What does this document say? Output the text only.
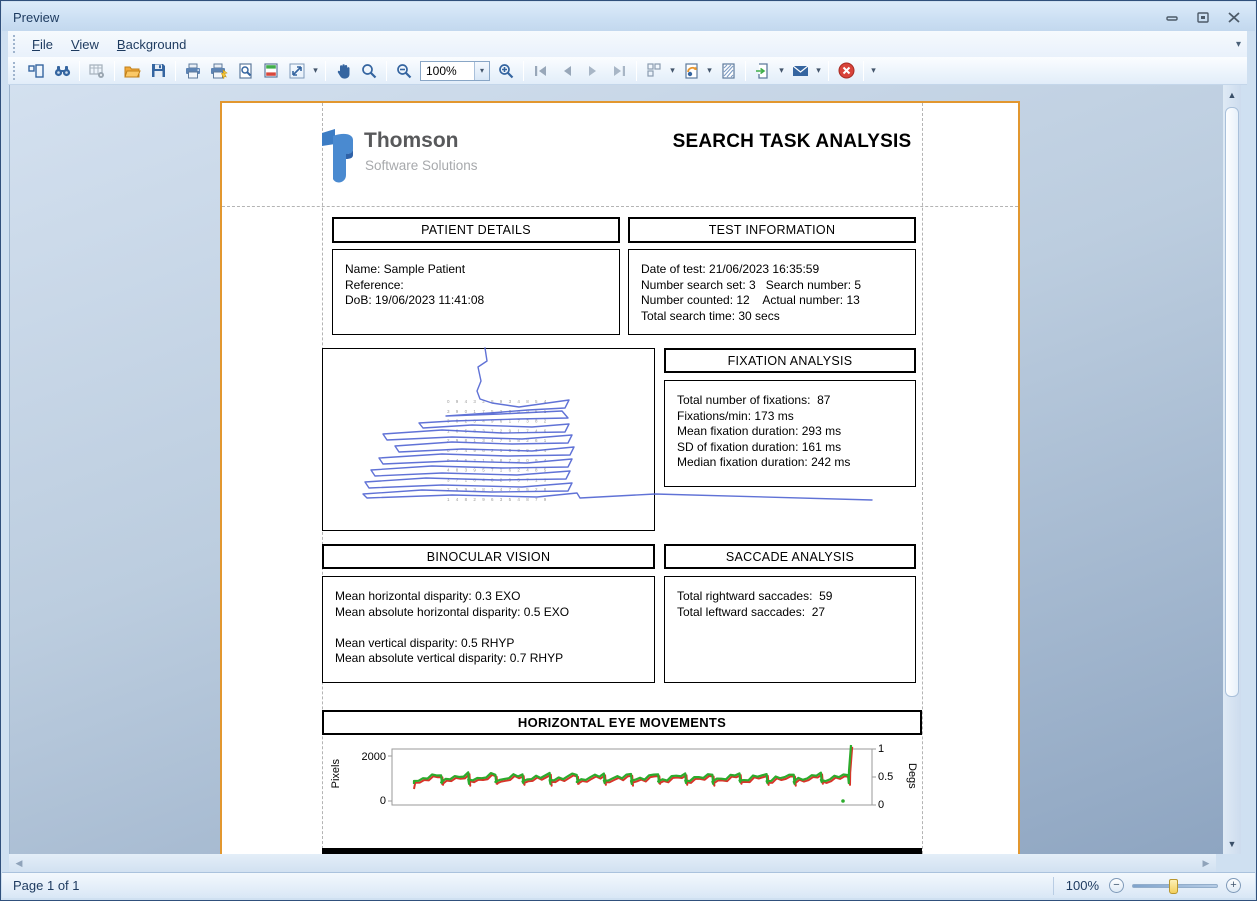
Preview
File	View	Background	▾
▾
100%	▾	▾	▾	▾	▾	▾
Thomson
Software Solutions
SEARCH TASK ANALYSIS
PATIENT DETAILS
Name: Sample Patient
Reference:
DoB: 19/06/2023 11:41:08
TEST INFORMATION
Date of test: 21/06/2023 16:35:59
Number search set: 3   Search number: 5
Number counted: 12    Actual number: 13
Total search time: 30 secs
0 9 4 3 2 8 9 3 4 8 5 4
3 9 0 1 7 5 2 8 4 9 6 1
3 8 2 5 4 9 6 1 7 3 8 2
1 6 5 8 3 7 2 9 1 7 4 6
2 9 8 1 3 4 7 5 8 2 6 1
0 7 4 9 6 2 1 8 3 9 7 4
9 4 6 2 1 5 8 7 3 0 9 4
4 8 3 9 5 7 1 6 2 4 8 5
3 7 1 6 4 8 2 9 5 7 1 3
2 5 9 3 8 1 4 7 6 5 2 8
1 4 8 2 9 6 3 5 4 8 7 9
FIXATION ANALYSIS
Total number of fixations:  87
Fixations/min: 173 ms
Mean fixation duration: 293 ms
SD of fixation duration: 161 ms
Median fixation duration: 242 ms
BINOCULAR VISION
Mean horizontal disparity: 0.3 EXO
Mean absolute horizontal disparity: 0.5 EXO
Mean vertical disparity: 0.5 RHYP
Mean absolute vertical disparity: 0.7 RHYP
SACCADE ANALYSIS
Total rightward saccades:  59
Total leftward saccades:  27
HORIZONTAL EYE MOVEMENTS
2000
0
1
0.5
0
Pixels	Degs
▲
▼
◀	▶
Page 1 of 1	100%	−	+
